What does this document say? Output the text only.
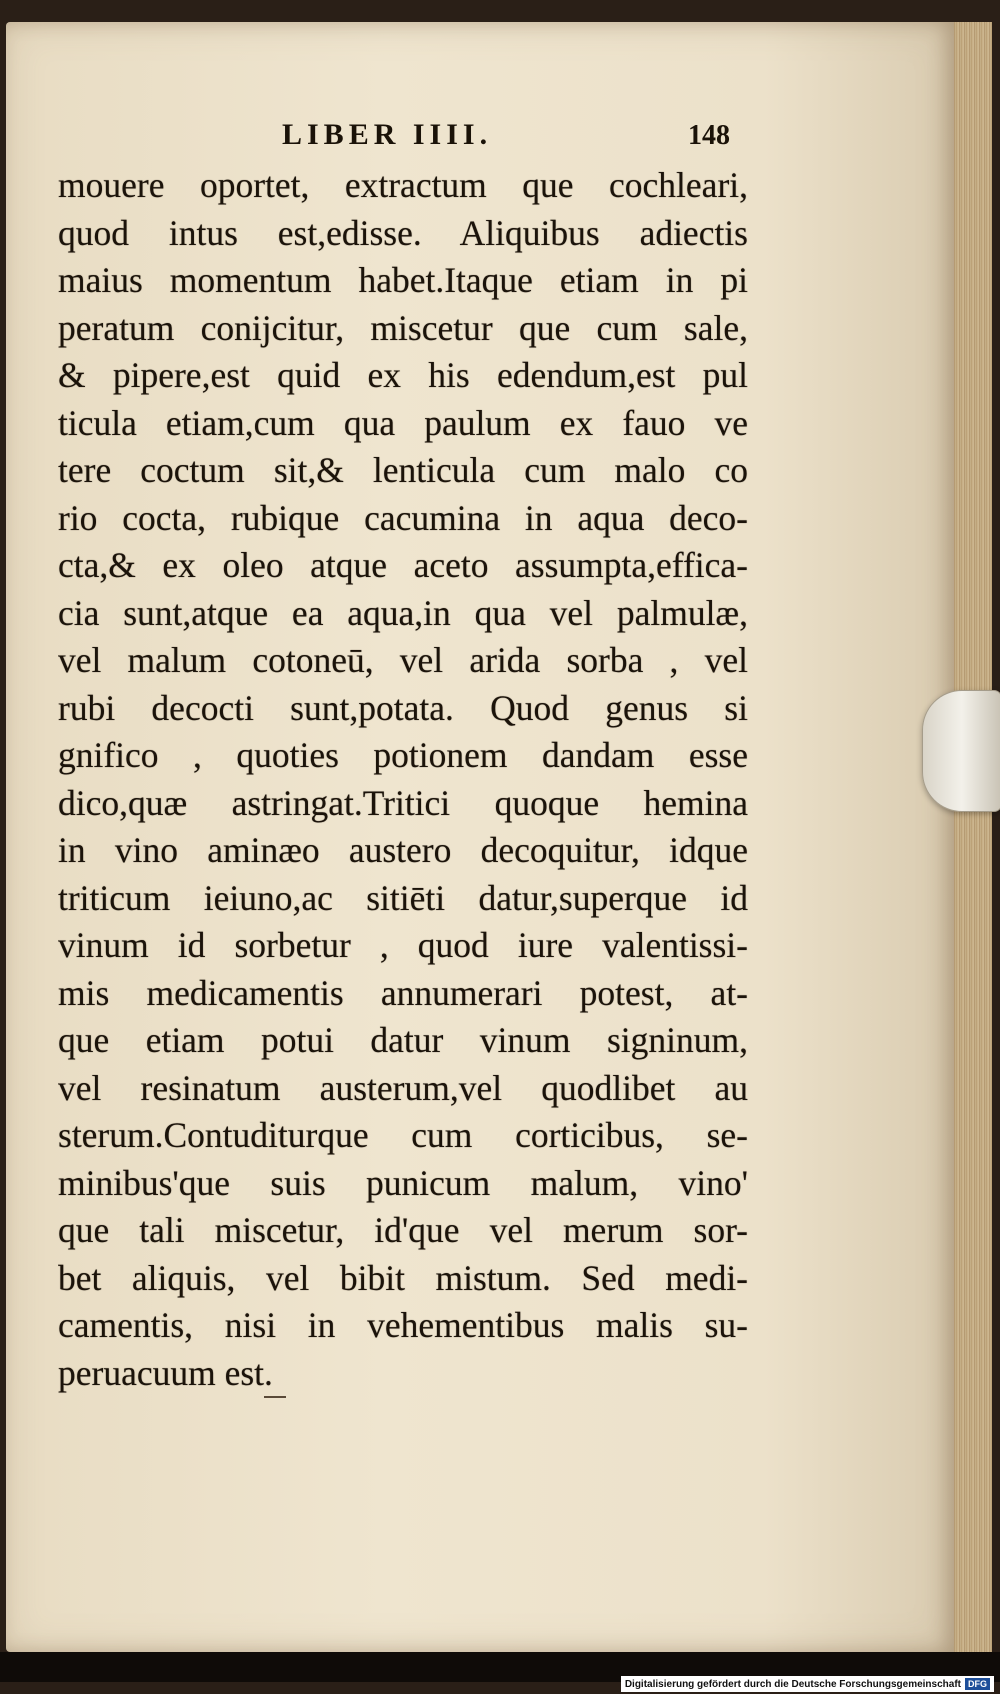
LIBER IIII.	148
mouere oportet, extractum que cochleari,
quod intus est,edisse. Aliquibus adiectis
maius momentum habet.Itaque etiam in pi
peratum conijcitur, miscetur que cum sale,
& pipere,est quid ex his edendum,est pul
ticula etiam,cum qua paulum ex fauo ve
tere coctum sit,& lenticula cum malo co
rio cocta, rubique cacumina in aqua deco-
cta,& ex oleo atque aceto assumpta,effica-
cia sunt,atque ea aqua,in qua vel palmulæ,
vel malum cotoneū, vel arida sorba , vel
rubi decocti sunt,potata. Quod genus si
gnifico , quoties potionem dandam esse
dico,quæ astringat.Tritici quoque hemina
in vino aminæo austero decoquitur, idque
triticum ieiuno,ac sitiēti datur,superque id
vinum id sorbetur , quod iure valentissi-
mis medicamentis annumerari potest, at-
que etiam potui datur vinum signinum,
vel resinatum austerum,vel quodlibet au
sterum.Contuditurque cum corticibus, se-
minibus'que suis punicum malum, vino'
que tali miscetur, id'que vel merum sor-
bet aliquis, vel bibit mistum. Sed medi-
camentis, nisi in vehementibus malis su-
peruacuum est.
Digitalisierung gefördert durch die Deutsche Forschungsgemeinschaft DFG
